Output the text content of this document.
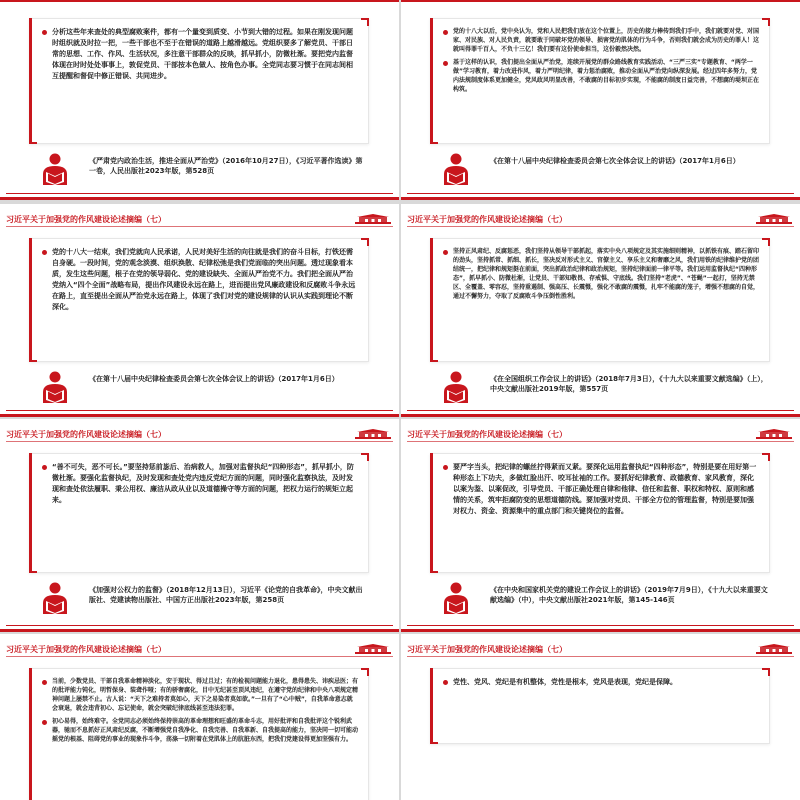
分析这些年来查处的典型腐败案件，都有一个量变到质变、小节到大错的过程。如果在刚发现问题时组织就及时拉一把，一些干部也不至于在错误的道路上越滑越远。党组织要多了解党员、干部日常的思想、工作、作风、生活状况，多注意干部群众的反映，抓早抓小，防微杜渐。要把党内监督体现在时时处处事事上，敦促党员、干部按本色做人、按角色办事。全党同志要习惯于在同志间相互提醒和督促中修正错误、共同进步。
《严肃党内政治生活，推进全面从严治党》（2016年10月27日），《习近平著作选读》第一卷，人民出版社2023年版，第528页
党的十八大以后，党中央认为，党和人民把我们放在这个位置上，历史的接力棒传到我们手中，我们就要对党、对国家、对民族、对人民负责，就要敢于同破坏党的领导、损害党的肌体的行为斗争，否则我们就会成为历史的罪人！这就叫得罪千百人，不负十三亿！我们要有这份使命担当，这份毅然决然。
基于这样的认识，我们提出全面从严治党，连续开展党的群众路线教育实践活动、“三严三实”专题教育、“两学一做”学习教育，着力改进作风，着力严明纪律，着力惩治腐败，推动全面从严治党向纵深发展。经过四年多努力，党内法规制度体系更加健全，党风政风明显改善，不敢腐的目标初步实现，不能腐的制度日益完善，不想腐的堤坝正在构筑。
《在第十八届中央纪律检查委员会第七次全体会议上的讲话》（2017年1月6日）
习近平关于加强党的作风建设论述摘编（七）
党的十八大一结束，我们党就向人民承诺，人民对美好生活的向往就是我们的奋斗目标，打铁还需自身硬。一段时间，党的观念淡漠、组织涣散、纪律松弛是我们党面临的突出问题。透过现象看本质，发生这些问题，根子在党的领导弱化、党的建设缺失、全面从严治党不力。我们把全面从严治党纳入“四个全面”战略布局，提出作风建设永远在路上，进而提出党风廉政建设和反腐败斗争永远在路上，直至提出全面从严治党永远在路上，体现了我们对党的建设规律的认识从实践到理论不断深化。
《在第十八届中央纪律检查委员会第七次全体会议上的讲话》（2017年1月6日）
习近平关于加强党的作风建设论述摘编（七）
坚持正风肃纪、反腐惩恶，我们坚持从领导干部抓起，落实中央八项规定及其实施细则精神，以抓铁有痕、踏石留印的劲头，坚持抓常、抓细、抓长，坚决反对形式主义、官僚主义、享乐主义和奢靡之风，我们用铁的纪律维护党的团结统一，把纪律和规矩挺在前面，突出抓政治纪律和政治规矩，坚持纪律面前一律平等。我们运用监督执纪“四种形态”，抓早抓小、防微杜渐，让党员、干部知敬畏、存戒惧、守底线。我们坚持“老虎”、“苍蝇”一起打，坚持无禁区、全覆盖、零容忍，坚持重遏制、强高压、长震慑，强化不敢腐的震慑，扎牢不能腐的笼子，增强不想腐的自觉，通过不懈努力，夺取了反腐败斗争压倒性胜利。
《在全国组织工作会议上的讲话》（2018年7月3日），《十九大以来重要文献选编》（上），中央文献出版社2019年版，第557页
习近平关于加强党的作风建设论述摘编（七）
“善不可失，恶不可长。”要坚持惩前毖后、治病救人，加强对监督执纪“四种形态”，抓早抓小，防微杜渐。要强化监督执纪，及时发现和查处党内违反党纪方面的问题，同时强化监察执法，及时发现和查处依法履职、秉公用权、廉洁从政从业以及道德操守等方面的问题，把权力运行的规矩立起来。
《加强对公权力的监督》（2018年12月13日），习近平《论党的自我革命》，中央文献出版社、党建读物出版社、中国方正出版社2023年版，第258页
习近平关于加强党的作风建设论述摘编（七）
要严字当头，把纪律的螺丝拧得紧而又紧。要深化运用监督执纪“四种形态”，特别是要在用好第一种形态上下功夫，多做红脸出汗、咬耳扯袖的工作。要抓好纪律教育、政德教育、家风教育，深化以案为鉴、以案促改，引导党员、干部正确处理自律和他律、信任和监督、职权和特权、原则和感情的关系，筑牢拒腐防变的思想道德防线。要加强对党员、干部全方位的管理监督，特别是要加强对权力、资金、资源集中的重点部门和关键岗位的监督。
《在中央和国家机关党的建设工作会议上的讲话》（2019年7月9日），《十九大以来重要文献选编》（中），中央文献出版社2021年版，第145-146页
习近平关于加强党的作风建设论述摘编（七）
当前，少数党员、干部自我革命精神淡化，安于现状、得过且过；有的检视问题能力退化，患得患失、讳疾忌医；有的批评能力钝化，明哲保身、装聋作哑；有的骄奢腐化，目中无纪甚至顶风违纪，在遵守党的纪律和中央八项规定精神问题上屡禁不止。古人说：“天下之难持者莫如心，天下之易染者莫如欲。”一旦有了“心中贼”，自我革命意志就会衰退，就会违背初心、忘记使命，就会突破纪律底线甚至违法犯罪。
初心易得，始终难守。全党同志必须始终保持崇高的革命理想和旺盛的革命斗志，用好批评和自我批评这个锐利武器，驰而不息抓好正风肃纪反腐，不断增强党自我净化、自我完善、自我革新、自我提高的能力，坚决同一切可能动摇党的根基、阻碍党的事业的现象作斗争，荡涤一切附着在党肌体上的肮脏东西，把我们党建设得更加坚强有力。
习近平关于加强党的作风建设论述摘编（七）
党性、党风、党纪是有机整体，党性是根本，党风是表现，党纪是保障。
